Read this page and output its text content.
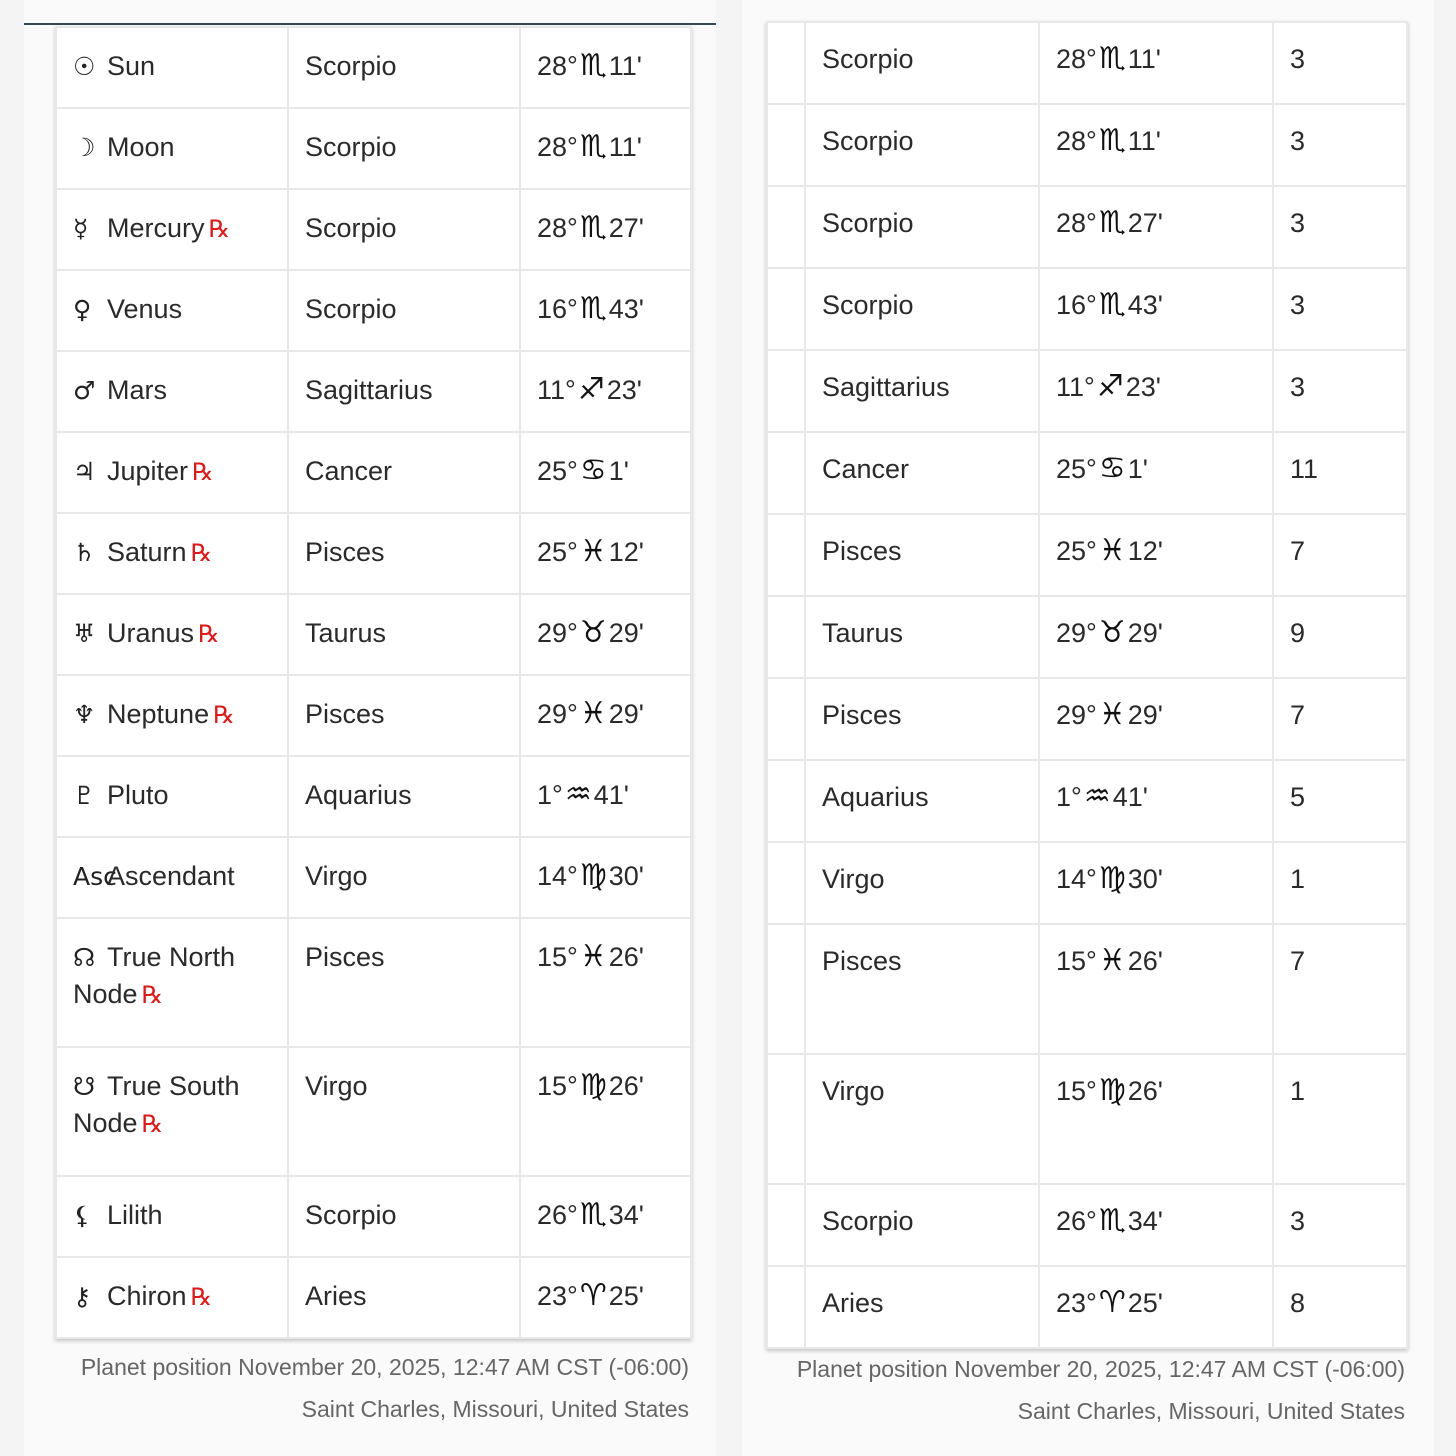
☉ Sun	Scorpio	28°♏11'
☽ Moon	Scorpio	28°♏11'
☿ Mercury ℞	Scorpio	28°♏27'
♀ Venus	Scorpio	16°♏43'
♂ Mars	Sagittarius	11°♐23'
♃ Jupiter ℞	Cancer	25°♋1'
♄ Saturn ℞	Pisces	25°♓12'
♅ Uranus ℞	Taurus	29°♉29'
♆ Neptune ℞	Pisces	29°♓29'
♇ Pluto	Aquarius	1°♒41'
AscAscendant	Virgo	14°♍30'
☊ True North Node ℞	Pisces	15°♓26'
☋ True South Node ℞	Virgo	15°♍26'
⚸ Lilith	Scorpio	26°♏34'
⚷ Chiron ℞	Aries	23°♈25'
	Scorpio	28°♏11'	3
	Scorpio	28°♏11'	3
	Scorpio	28°♏27'	3
	Scorpio	16°♏43'	3
	Sagittarius	11°♐23'	3
	Cancer	25°♋1'	11
	Pisces	25°♓12'	7
	Taurus	29°♉29'	9
	Pisces	29°♓29'	7
	Aquarius	1°♒41'	5
	Virgo	14°♍30'	1
	Pisces	15°♓26'	7
	Virgo	15°♍26'	1
	Scorpio	26°♏34'	3
	Aries	23°♈25'	8
Planet position November 20, 2025, 12:47 AM CST (-06:00)
Saint Charles, Missouri, United States
Planet position November 20, 2025, 12:47 AM CST (-06:00)
Saint Charles, Missouri, United States
